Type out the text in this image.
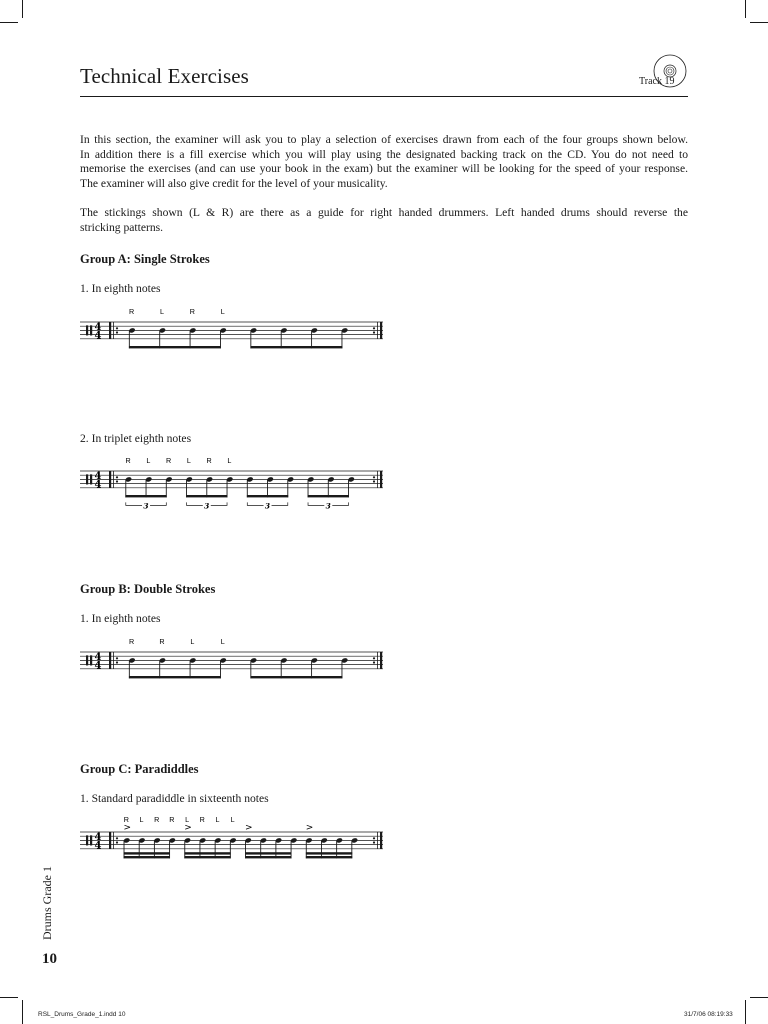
Technical Exercises	Track 19

In this section, the examiner will ask you to play a selection of exercises drawn from each of the four groups shown below.

In addition there is a fill exercise which you will play using the designated backing track on the CD. You do not need to

memorise the exercises (and can use your book in the exam) but the examiner will be looking for the speed of your response.

The examiner will also give credit for the level of your musicality.

The stickings shown (L & R) are there as a guide for right handed drummers. Left handed drums should reverse the

stricking patterns.

Group A: Single Strokes
1. In eighth notes
4
4
R	L	R	L
2. In triplet eighth notes
4
4
3	3	3	3
R L R L R L
Group B: Double Strokes
1. In eighth notes
4
4
R	R	L	L
Group C: Paradiddles
1. Standard paradiddle in sixteenth notes
4
4
R L R R L R L L
>	>	>	>
Drums Grade 1
10
RSL_Drums_Grade_1.indd 10	31/7/06 08:19:33
